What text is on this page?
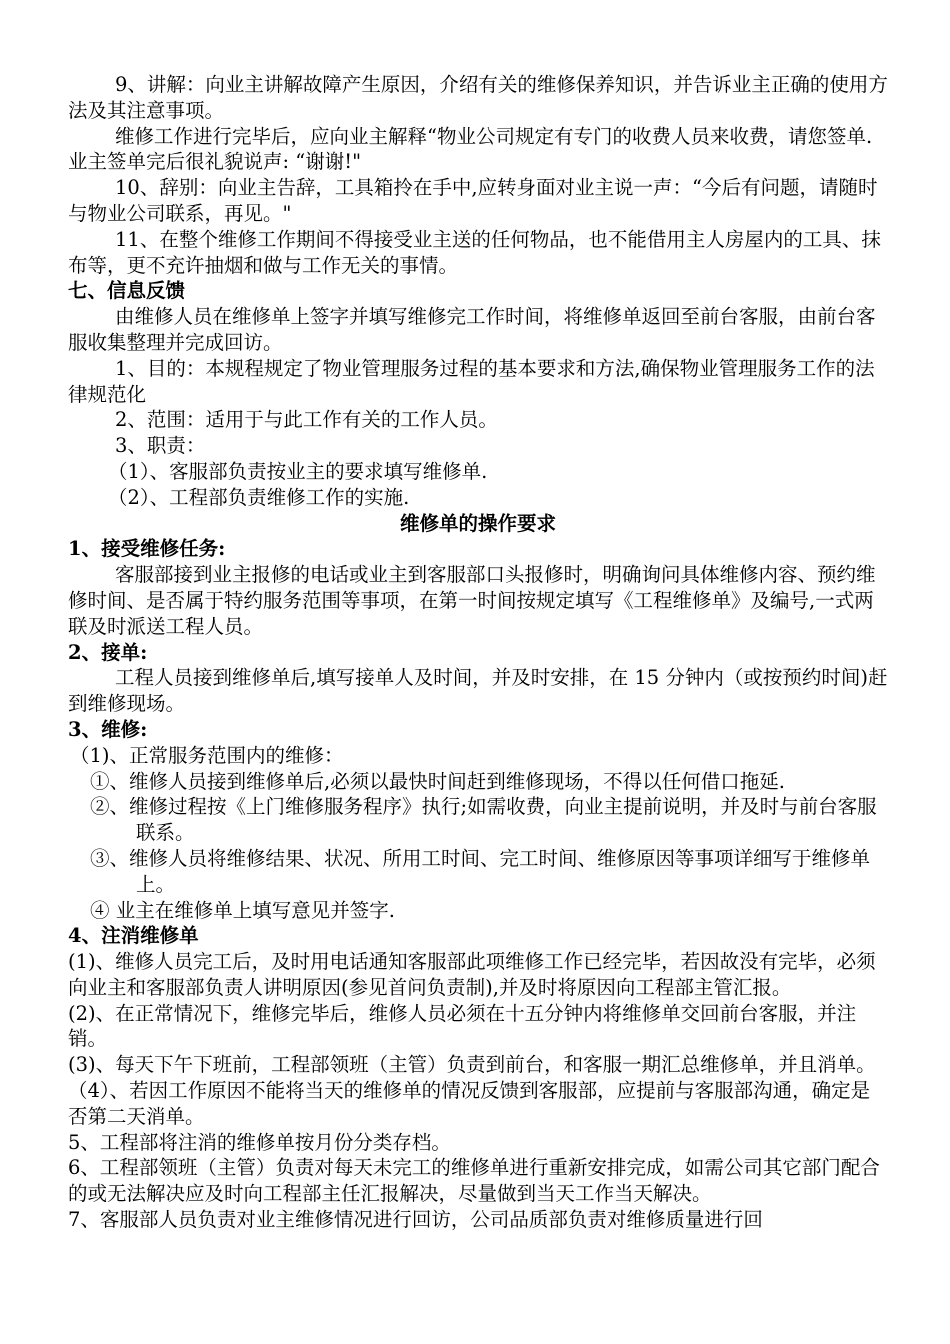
9、讲解：向业主讲解故障产生原因，介绍有关的维修保养知识，并告诉业主正确的使用方法及其注意事项。

维修工作进行完毕后，应向业主解释“物业公司规定有专门的收费人员来收费，请您签单.业主签单完后很礼貌说声: “谢谢!"

10、辞别：向业主告辞，工具箱拎在手中,应转身面对业主说一声：“今后有问题，请随时与物业公司联系，再见。"

11、在整个维修工作期间不得接受业主送的任何物品，也不能借用主人房屋内的工具、抹布等，更不充许抽烟和做与工作无关的事情。

七、信息反馈

由维修人员在维修单上签字并填写维修完工作时间，将维修单返回至前台客服，由前台客服收集整理并完成回访。

1、目的：本规程规定了物业管理服务过程的基本要求和方法,确保物业管理服务工作的法律规范化

2、范围：适用于与此工作有关的工作人员。

3、职责：

（1）、客服部负责按业主的要求填写维修单.

（2）、工程部负责维修工作的实施.

维修单的操作要求

1、接受维修任务:

客服部接到业主报修的电话或业主到客服部口头报修时，明确询问具体维修内容、预约维修时间、是否属于特约服务范围等事项，在第一时间按规定填写《工程维修单》及编号,一式两联及时派送工程人员。

2、接单:

工程人员接到维修单后,填写接单人及时间，并及时安排，在 15 分钟内（或按预约时间)赶到维修现场。

3、维修:

（1)、正常服务范围内的维修：

①、维修人员接到维修单后,必须以最快时间赶到维修现场，不得以任何借口拖延.

②、维修过程按《上门维修服务程序》执行;如需收费，向业主提前说明，并及时与前台客服联系。

③、维修人员将维修结果、状况、所用工时间、完工时间、维修原因等事项详细写于维修单上。

④ 业主在维修单上填写意见并签字.

4、注消维修单

(1)、维修人员完工后，及时用电话通知客服部此项维修工作已经完毕，若因故没有完毕，必须向业主和客服部负责人讲明原因(参见首问负责制),并及时将原因向工程部主管汇报。

(2)、在正常情况下，维修完毕后，维修人员必须在十五分钟内将维修单交回前台客服，并注销。

(3)、每天下午下班前，工程部领班（主管）负责到前台，和客服一期汇总维修单，并且消单。

（4）、若因工作原因不能将当天的维修单的情况反馈到客服部，应提前与客服部沟通，确定是否第二天消单。

5、工程部将注消的维修单按月份分类存档。

6、工程部领班（主管）负责对每天未完工的维修单进行重新安排完成，如需公司其它部门配合的或无法解决应及时向工程部主任汇报解决，尽量做到当天工作当天解决。

7、客服部人员负责对业主维修情况进行回访，公司品质部负责对维修质量进行回
